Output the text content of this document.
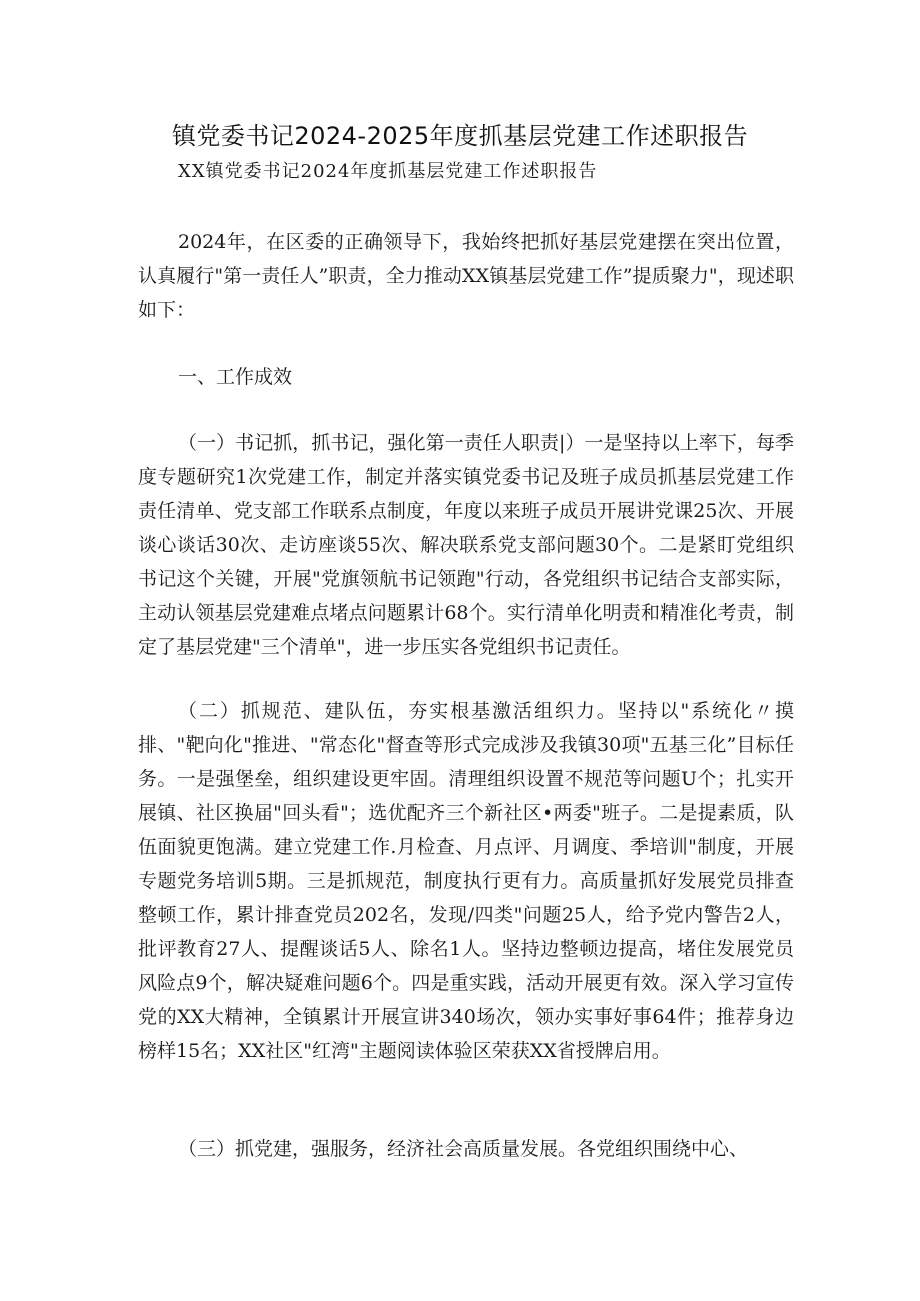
镇党委书记2024-2025年度抓基层党建工作述职报告
XX镇党委书记2024年度抓基层党建工作述职报告

2024年，在区委的正确领导下，我始终把抓好基层党建摆在突出位置，认真履行"第一责任人”职责，全力推动XX镇基层党建工作”提质聚力"，现述职如下：

一、工作成效

（一）书记抓，抓书记，强化第一责任人职责|）一是坚持以上率下，每季度专题研究1次党建工作，制定并落实镇党委书记及班子成员抓基层党建工作责任清单、党支部工作联系点制度，年度以来班子成员开展讲党课25次、开展谈心谈话30次、走访座谈55次、解决联系党支部问题30个。二是紧盯党组织书记这个关键，开展"党旗领航书记领跑"行动，各党组织书记结合支部实际，主动认领基层党建难点堵点问题累计68个。实行清单化明责和精准化考责，制定了基层党建"三个清单"，进一步压实各党组织书记责任。

（二）抓规范、建队伍，夯实根基激活组织力。坚持以"系统化〃摸排、"靶向化"推进、"常态化"督查等形式完成涉及我镇30项"五基三化”目标任务。一是强堡垒，组织建设更牢固。清理组织设置不规范等问题U个；扎实开展镇、社区换届"回头看"；选优配齐三个新社区•两委"班子。二是提素质，队伍面貌更饱满。建立党建工作.月检查、月点评、月调度、季培训"制度，开展专题党务培训5期。三是抓规范，制度执行更有力。高质量抓好发展党员排查整顿工作，累计排查党员202名，发现/四类"问题25人，给予党内警告2人，批评教育27人、提醒谈话5人、除名1人。坚持边整顿边提高，堵住发展党员风险点9个，解决疑难问题6个。四是重实践，活动开展更有效。深入学习宣传党的XX大精神，全镇累计开展宣讲340场次，领办实事好事64件；推荐身边榜样15名；XX社区"红湾"主题阅读体验区荣获XX省授牌启用。

（三）抓党建，强服务，经济社会高质量发展。各党组织围绕中心、
